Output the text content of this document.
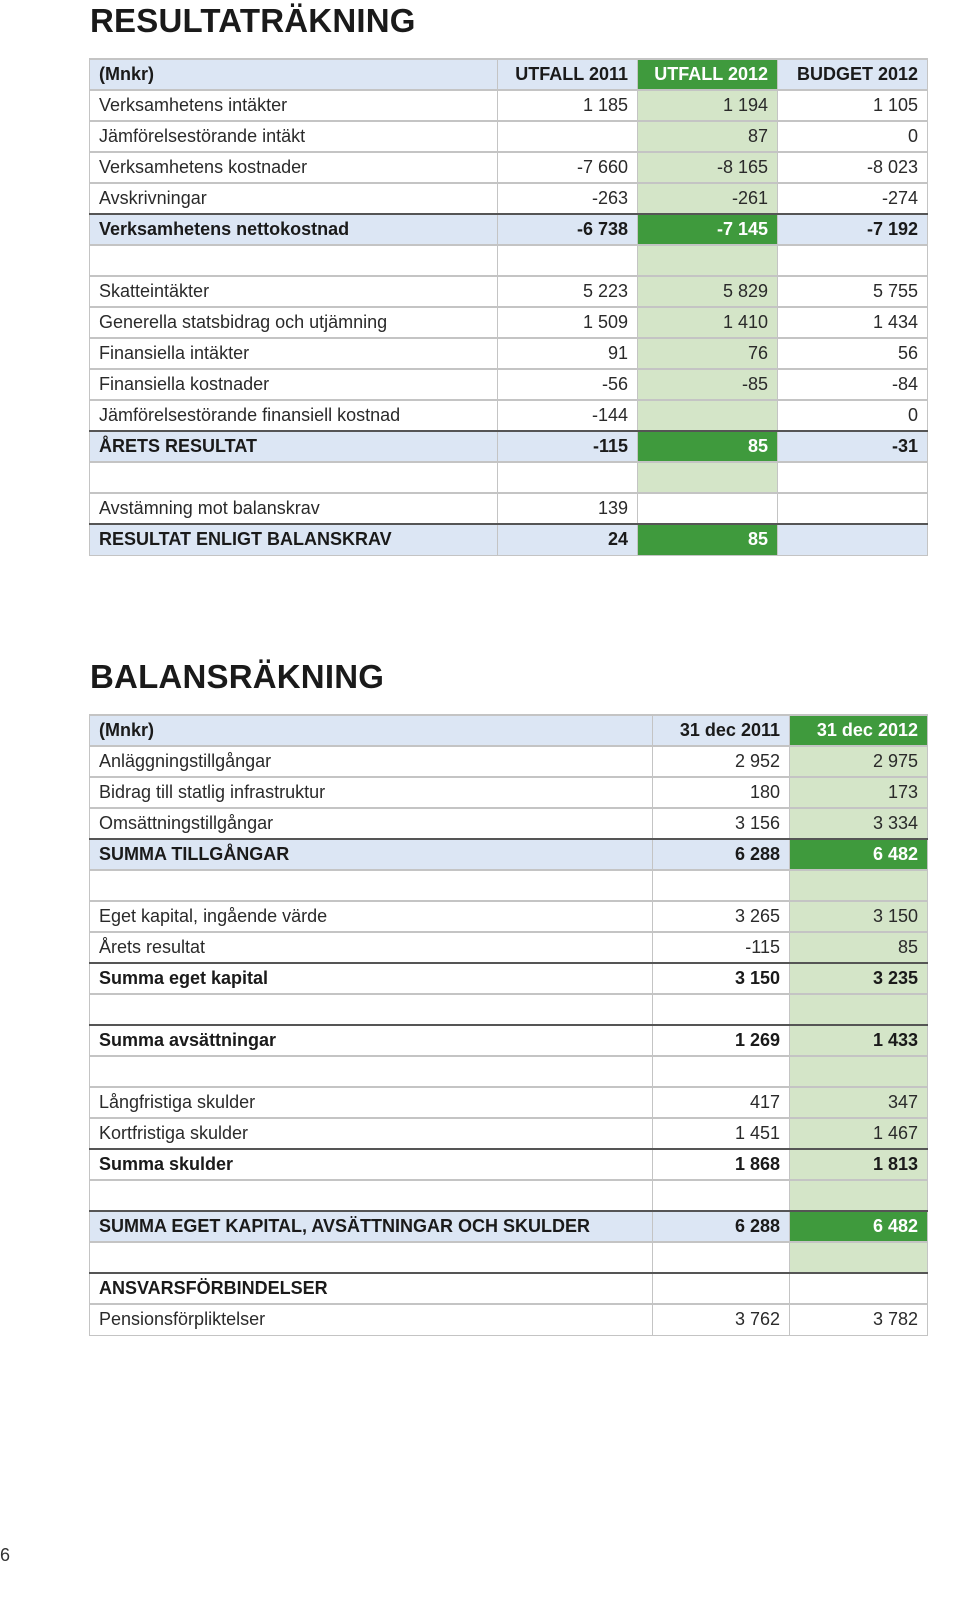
RESULTATRÄKNING
(Mnkr)	UTFALL 2011	UTFALL 2012	BUDGET 2012
Verksamhetens intäkter	1 185	1 194	1 105
Jämförelsestörande intäkt		87	0
Verksamhetens kostnader	-7 660	-8 165	-8 023
Avskrivningar	-263	-261	-274
Verksamhetens nettokostnad	-6 738	-7 145	-7 192

Skatteintäkter	5 223	5 829	5 755
Generella statsbidrag och utjämning	1 509	1 410	1 434
Finansiella intäkter	91	76	56
Finansiella kostnader	-56	-85	-84
Jämförelsestörande finansiell kostnad	-144		0
ÅRETS RESULTAT	-115	85	-31

Avstämning mot balanskrav	139		
RESULTAT ENLIGT BALANSKRAV	24	85	
BALANSRÄKNING
(Mnkr)	31 dec 2011	31 dec 2012
Anläggningstillgångar	2 952	2 975
Bidrag till statlig infrastruktur	180	173
Omsättningstillgångar	3 156	3 334
SUMMA TILLGÅNGAR	6 288	6 482

Eget kapital, ingående värde	3 265	3 150
Årets resultat	-115	85
Summa eget kapital	3 150	3 235

Summa avsättningar	1 269	1 433

Långfristiga skulder	417	347
Kortfristiga skulder	1 451	1 467
Summa skulder	1 868	1 813

SUMMA EGET KAPITAL, AVSÄTTNINGAR OCH SKULDER	6 288	6 482

ANSVARSFÖRBINDELSER		
Pensionsförpliktelser	3 762	3 782
6
